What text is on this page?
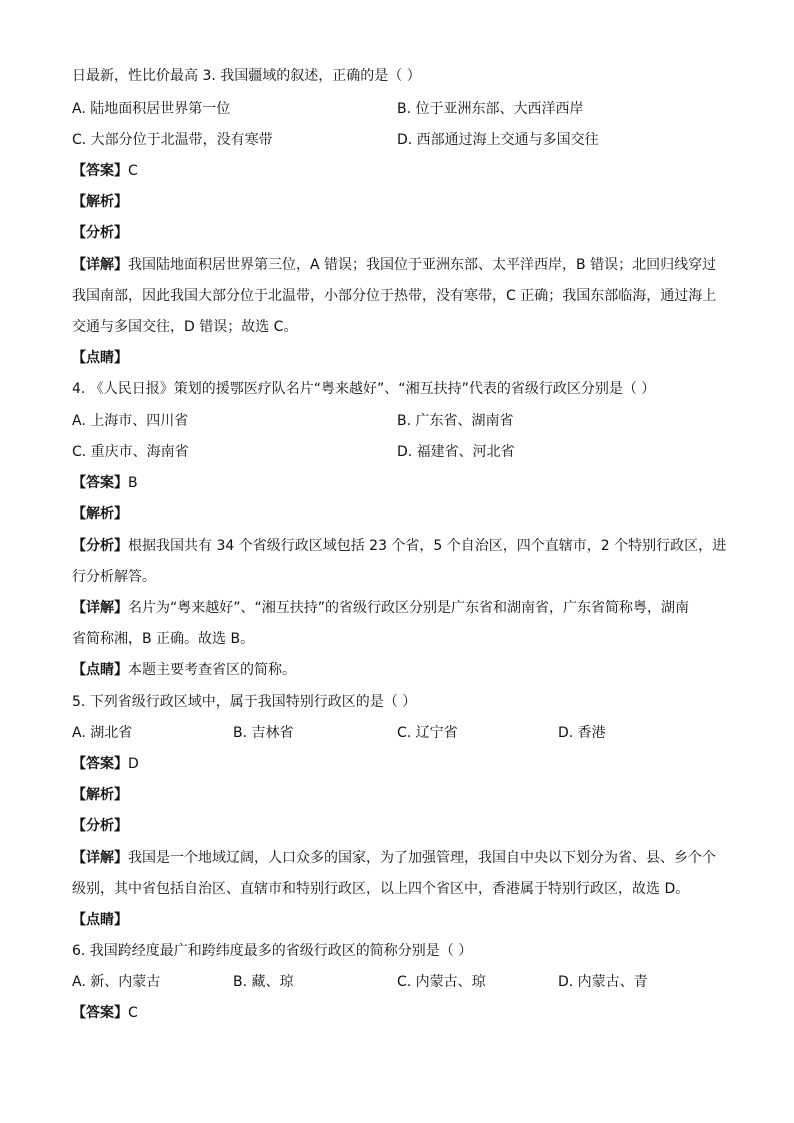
日最新，性比价最高 3. 我国疆域的叙述，正确的是（ ）
A. 陆地面积居世界第一位	B. 位于亚洲东部、大西洋西岸
C. 大部分位于北温带，没有寒带	D. 西部通过海上交通与多国交往
【答案】C
【解析】
【分析】
【详解】我国陆地面积居世界第三位，A 错误；我国位于亚洲东部、太平洋西岸，B 错误；北回归线穿过
我国南部，因此我国大部分位于北温带，小部分位于热带，没有寒带，C 正确；我国东部临海，通过海上
交通与多国交往，D 错误；故选 C。
【点睛】
4. 《人民日报》策划的援鄂医疗队名片“粤来越好”、“湘互扶持”代表的省级行政区分别是（ ）
A. 上海市、四川省	B. 广东省、湖南省
C. 重庆市、海南省	D. 福建省、河北省
【答案】B
【解析】
【分析】根据我国共有 34 个省级行政区域包括 23 个省，5 个自治区，四个直辖市，2 个特别行政区，进
行分析解答。
【详解】名片为“粤来越好”、“湘互扶持”的省级行政区分别是广东省和湖南省，广东省简称粤，湖南
省简称湘，B 正确。故选 B。
【点睛】本题主要考查省区的简称。
5. 下列省级行政区域中，属于我国特别行政区的是（ ）
A. 湖北省	B. 吉林省	C. 辽宁省	D. 香港
【答案】D
【解析】
【分析】
【详解】我国是一个地域辽阔，人口众多的国家，为了加强管理，我国自中央以下划分为省、县、乡个个
级别，其中省包括自治区、直辖市和特别行政区，以上四个省区中，香港属于特别行政区，故选 D。
【点睛】
6. 我国跨经度最广和跨纬度最多的省级行政区的简称分别是（ ）
A. 新、内蒙古	B. 藏、琼	C. 内蒙古、琼	D. 内蒙古、青
【答案】C
